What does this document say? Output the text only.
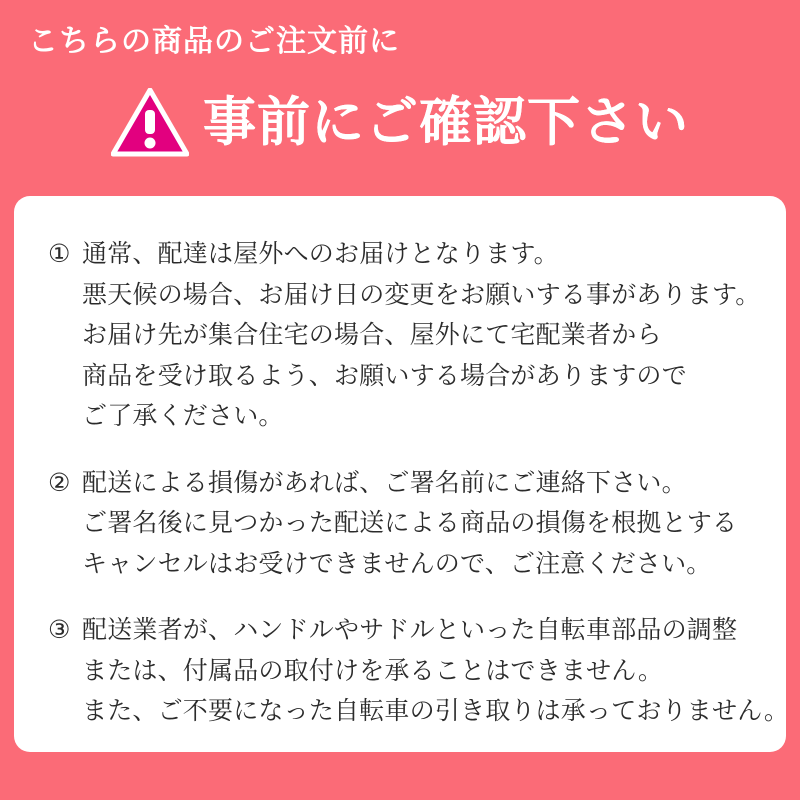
こちらの商品のご注文前に
事前にご確認下さい
① 通常、配達は屋外へのお届けとなります。
悪天候の場合、お届け日の変更をお願いする事があります。
お届け先が集合住宅の場合、屋外にて宅配業者から
商品を受け取るよう、お願いする場合がありますので
ご了承ください。
② 配送による損傷があれば、ご署名前にご連絡下さい。
ご署名後に見つかった配送による商品の損傷を根拠とする
キャンセルはお受けできませんので、ご注意ください。
③ 配送業者が、ハンドルやサドルといった自転車部品の調整
または、付属品の取付けを承ることはできません。
また、ご不要になった自転車の引き取りは承っておりません。
